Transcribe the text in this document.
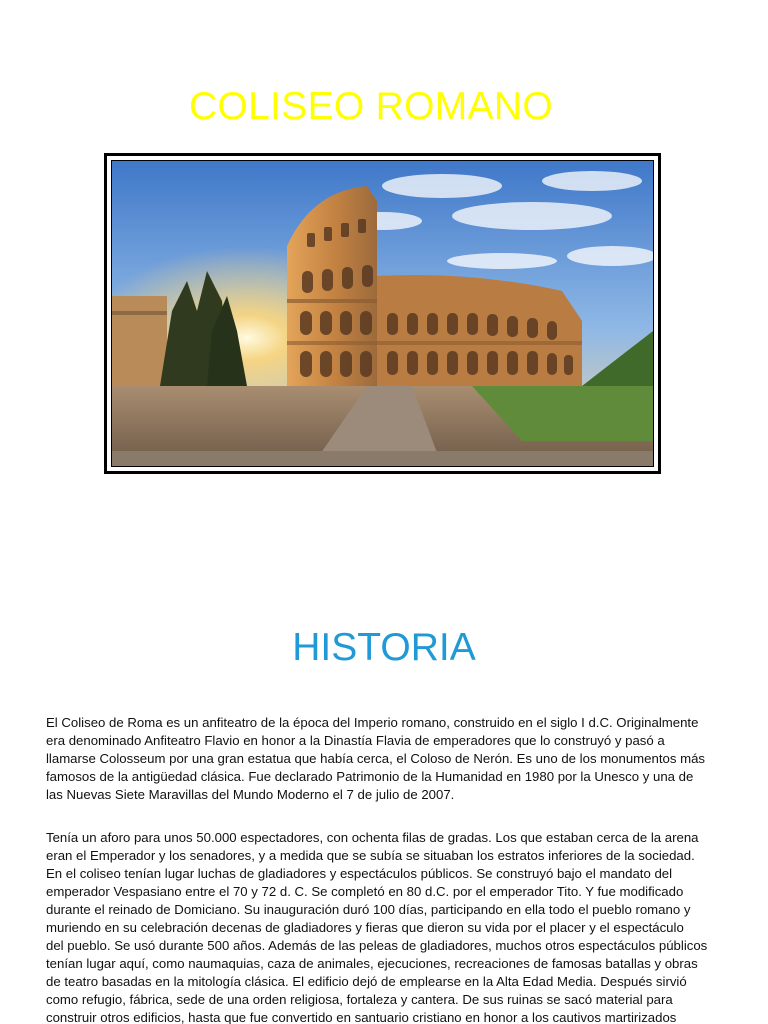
COLISEO ROMANO
HISTORIA

El Coliseo de Roma es un anfiteatro de la época del Imperio romano, construido en el siglo I d.C. Originalmente
era denominado Anfiteatro Flavio en honor a la Dinastía Flavia de emperadores que lo construyó y pasó a
llamarse Colosseum por una gran estatua que había cerca, el Coloso de Nerón. Es uno de los monumentos más
famosos de la antigüedad clásica. Fue declarado Patrimonio de la Humanidad en 1980 por la Unesco y una de
las Nuevas Siete Maravillas del Mundo Moderno el 7 de julio de 2007.

Tenía un aforo para unos 50.000 espectadores, con ochenta filas de gradas. Los que estaban cerca de la arena
eran el Emperador y los senadores, y a medida que se subía se situaban los estratos inferiores de la sociedad.
En el coliseo tenían lugar luchas de gladiadores y espectáculos públicos. Se construyó bajo el mandato del
emperador Vespasiano entre el 70 y 72 d. C. Se completó en 80 d.C. por el emperador Tito. Y fue modificado
durante el reinado de Domiciano. Su inauguración duró 100 días, participando en ella todo el pueblo romano y
muriendo en su celebración decenas de gladiadores y fieras que dieron su vida por el placer y el espectáculo
del pueblo. Se usó durante 500 años. Además de las peleas de gladiadores, muchos otros espectáculos públicos
tenían lugar aquí, como naumaquias, caza de animales, ejecuciones, recreaciones de famosas batallas y obras
de teatro basadas en la mitología clásica. El edificio dejó de emplearse en la Alta Edad Media. Después sirvió
como refugio, fábrica, sede de una orden religiosa, fortaleza y cantera. De sus ruinas se sacó material para
construir otros edificios, hasta que fue convertido en santuario cristiano en honor a los cautivos martirizados
